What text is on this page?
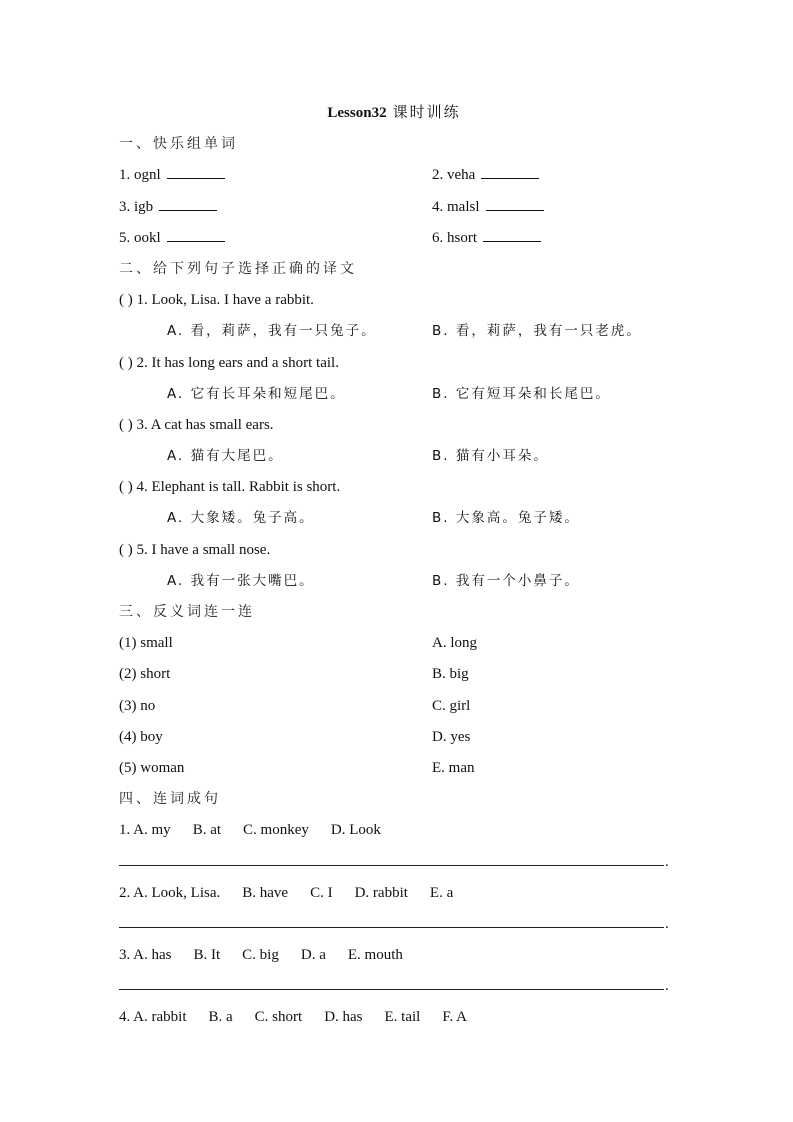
Lesson32 课时训练
一、快乐组单词
1. ognl	2. veha
3. igb	4. malsl
5. ookl	6. hsort
二、给下列句子选择正确的译文
( ) 1. Look, Lisa. I have a rabbit.
A. 看，莉萨，我有一只兔子。	B. 看，莉萨，我有一只老虎。
( ) 2. It has long ears and a short tail.
A. 它有长耳朵和短尾巴。	B. 它有短耳朵和长尾巴。
( ) 3. A cat has small ears.
A. 猫有大尾巴。	B. 猫有小耳朵。
( ) 4. Elephant is tall. Rabbit is short.
A. 大象矮。兔子高。	B. 大象高。兔子矮。
( ) 5. I have a small nose.
A. 我有一张大嘴巴。	B. 我有一个小鼻子。
三、反义词连一连
(1) small	A. long
(2) short	B. big
(3) no	C. girl
(4) boy	D. yes
(5) woman	E. man
四、连词成句
1. A. my B. at C. monkey D. Look
.
2. A. Look, Lisa. B. have C. I D. rabbit E. a
.
3. A. has B. It C. big D. a E. mouth
.
4. A. rabbit B. a C. short D. has E. tail F. A
